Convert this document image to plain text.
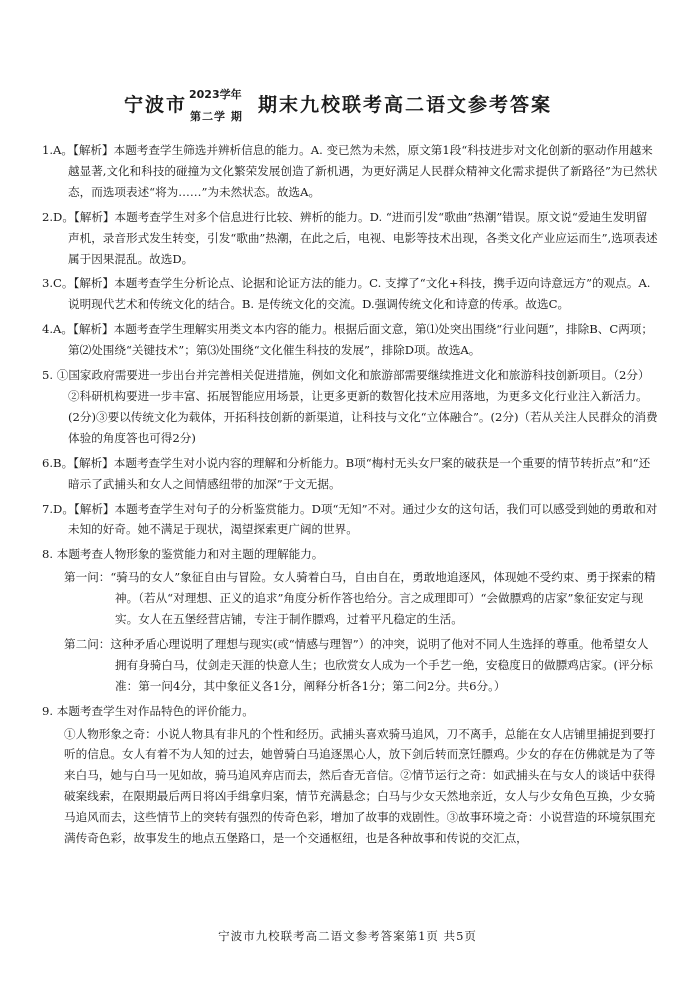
宁波市 2023学年
第二学 期
期末九校联考高二语文参考答案

1.A。【解析】本题考查学生筛选并辨析信息的能力。A. 变已然为未然，原文第1段“科技进步对文化创新的驱动作用越来越显著,文化和科技的碰撞为文化繁荣发展创造了新机遇，为更好满足人民群众精神文化需求提供了新路径”为已然状态，而选项表述“将为……”为未然状态。故选A。

2.D。【解析】本题考查学生对多个信息进行比较、辨析的能力。D. “进而引发“歌曲”热潮”错误。原文说“爱迪生发明留声机，录音形式发生转变，引发“歌曲”热潮，在此之后，电视、电影等技术出现，各类文化产业应运而生”,选项表述属于因果混乱。故选D。

3.C。【解析】本题考查学生分析论点、论据和论证方法的能力。C. 支撑了“文化+科技，携手迈向诗意远方”的观点。A. 说明现代艺术和传统文化的结合。B. 是传统文化的交流。D.强调传统文化和诗意的传承。故选C。

4.A。【解析】本题考查学生理解实用类文本内容的能力。根据后面文意，第⑴处突出围绕“行业问题”，排除B、C两项；第⑵处围绕“关键技术”；第⑶处围绕“文化催生科技的发展”，排除D项。故选A。

5. ①国家政府需要进一步出台并完善相关促进措施，例如文化和旅游部需要继续推进文化和旅游科技创新项目。（2分）②科研机构要进一步丰富、拓展智能应用场景，让更多更新的数智化技术应用落地，为更多文化行业注入新活力。(2分)③要以传统文化为载体，开拓科技创新的新渠道，让科技与文化“立体融合”。(2分)（若从关注人民群众的消费体验的角度答也可得2分)

6.B。【解析】本题考查学生对小说内容的理解和分析能力。B项“梅村无头女尸案的破获是一个重要的情节转折点”和“还暗示了武捕头和女人之间情感纽带的加深”于文无据。

7.D。【解析】本题考查学生对句子的分析鉴赏能力。D项“无知”不对。通过少女的这句话，我们可以感受到她的勇敢和对未知的好奇。她不满足于现状，渴望探索更广阔的世界。

8. 本题考查人物形象的鉴赏能力和对主题的理解能力。

第一问：“骑马的女人”象征自由与冒险。女人骑着白马，自由自在，勇敢地追逐风，体现她不受约束、勇于探索的精神。（若从“对理想、正义的追求”角度分析作答也给分。言之成理即可）“会做膘鸡的店家”象征安定与现实。女人在五堡经营店铺，专注于制作膘鸡，过着平凡稳定的生活。

第二问：这种矛盾心理说明了理想与现实(或“情感与理智”）的冲突，说明了他对不同人生选择的尊重。他希望女人拥有身骑白马，仗剑走天涯的快意人生；也欣赏女人成为一个手艺一绝，安稳度日的做膘鸡店家。(评分标准：第一问4分，其中象征义各1分，阐释分析各1分；第二问2分。共6分。）

9. 本题考查学生对作品特色的评价能力。

①人物形象之奇：小说人物具有非凡的个性和经历。武捕头喜欢骑马追风，刀不离手，总能在女人店铺里捕捉到要打听的信息。女人有着不为人知的过去，她曾骑白马追逐黑心人，放下剑后转而烹饪膘鸡。少女的存在仿佛就是为了等来白马，她与白马一见如故，骑马追风弃店而去，然后杳无音信。②情节运行之奇：如武捕头在与女人的谈话中获得破案线索，在限期最后两日将凶手缉拿归案，情节充满悬念；白马与少女天然地亲近，女人与少女角色互换，少女骑马追风而去，这些情节上的突转有强烈的传奇色彩，增加了故事的戏剧性。③故事环境之奇：小说营造的环境氛围充满传奇色彩，故事发生的地点五堡路口，是一个交通枢纽，也是各种故事和传说的交汇点，

宁波市九校联考高二语文参考答案第1页 共5页
